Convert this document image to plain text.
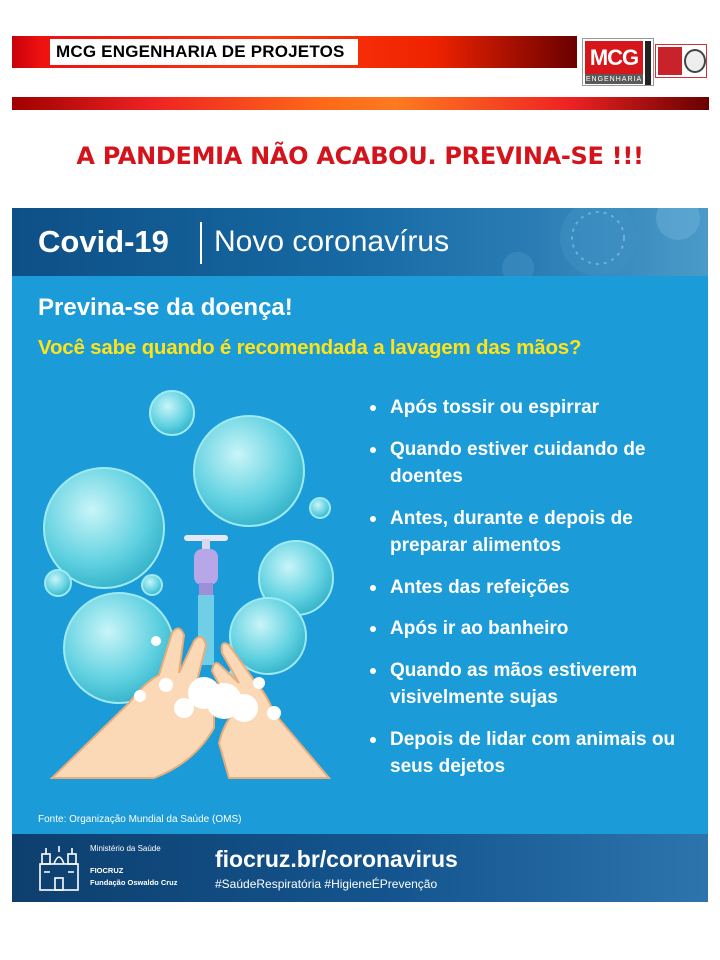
MCG ENGENHARIA DE PROJETOS	MCG
ENGENHARIA
A PANDEMIA NÃO ACABOU. PREVINA-SE !!!
Covid-19 Novo coronavírus
Previna-se da doença!
Você sabe quando é recomendada a lavagem das mãos?
Após tossir ou espirrar
Quando estiver cuidando de doentes
Antes, durante e depois de preparar alimentos
Antes das refeições
Após ir ao banheiro
Quando as mãos estiverem visivelmente sujas
Depois de lidar com animais ou seus dejetos
Fonte: Organização Mundial da Saúde (OMS)
Ministério da Saúde
FIOCRUZ
Fundação Oswaldo Cruz
fiocruz.br/coronavirus
#SaúdeRespiratória #HigieneÉPrevenção
